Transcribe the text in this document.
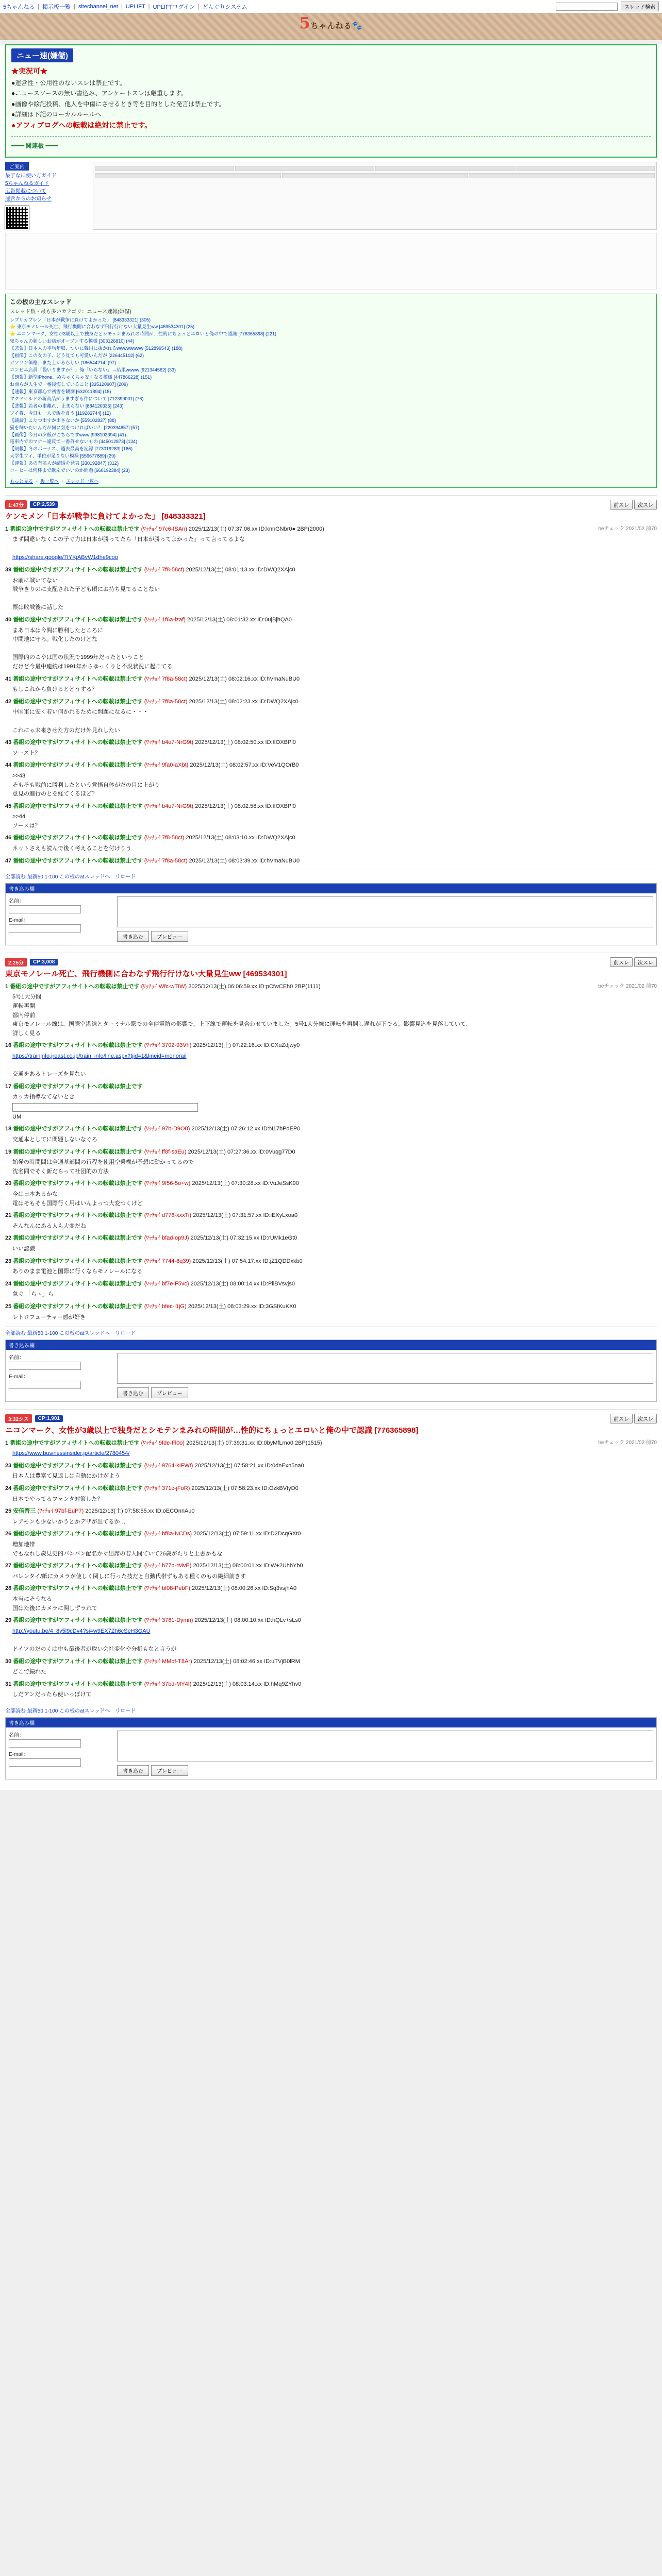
5ちゃんねる | 掲示板一覧 | sitechannel_net | UPLIFT | UPLIFTログイン | どんぐりシステム	スレッド検索
5ちゃんねる🐾
ニュー速(嫌儲)
★実況可★
●運営性・公用性のないスレは禁止です。
●ニュースソースの無い書込み、アンケートスレは厳重します。
●画像や絵記投稿、他人を中傷にさせるとき等を目的とした発言は禁止です。
●詳細は下記のローカルルールへ
●アフィブログへの転載は絶対に禁止です。
━━ 関連板 ━━
ご案内
最子なに使い方ガイド
5ちゃんねるガイド
広告掲載について
運営からのお知らせ
この板の主なスレッド
スレッド数・最も多いカテゴリ：ニュース速報(嫌儲)
レプリカブレン「日本が戦争に負けてよかった」 [848333321] (305)
⭐ 東京モノレール死亡、飛行機側に合わなず飛行行けない大量見生ww [469534301] (25)
⭐ ニコンマーク、女性が3歳以上で独身だとシモテンまみれの時間が…性的にちょっとエロいと俺の中で認識 [776365898] (221)
鬼ちゃんの新しいお店がオープンする模様 [303126810] (44)
【悲報】日本人の平均年収、ついに韓国に抜かれるwwwwwwww [512899543] (188)
【画像】この女の子、どう見ても可愛いんだが [226445102] (62)
ガソリン価格、また上がるらしい [186544214] (97)
コンビニ店員「袋いりますか？」俺「いらない」→結果wwww [921344562] (33)
【朗報】新型iPhone、めちゃくちゃ安くなる模様 [447866228] (151)
お前らが人生で一番後悔していること [335120907] (209)
【速報】東京都心で初雪を観測 [632011894] (18)
マクドナルドの新商品がうますぎる件について [712399001] (76)
【悲報】若者の車離れ、止まらない [884120335] (243)
ワイ将、今日も一人で飯を食う [119283744] (12)
【議論】こたつ出すか出さないか [559102837] (88)
猫を飼いたいんだが何に気をつければいい？ [220394857] (57)
【画像】今日の夕飯がこちらですwww [998102394] (41)
電車内でのマナー違反で一番許せないもの [445012873] (134)
【朗報】冬のボーナス、過去最高を記録 [773019283] (166)
大学生ワイ、単位が足りない模様 [556677889] (29)
【速報】あの有名人が結婚を発表 [330192847] (312)
コーヒーは何杯まで飲んでいいのか問題 [660192384] (23)
もっと見る ・ 板一覧へ ・ スレッド一覧へ
1:47分	CP:2,539	前スレ	次スレ
ケンモメン「日本が戦争に負けてよかった」 [848333321]
beチェック 2021/02 前70
1 番組の途中ですがアフィサイトへの転載は禁止です (ﾜｯﾁｮｲ 97c6-fSAn) 2025/12/13(土) 07:37:06.xx ID:knnGNbr0● 2BP(2000)
まず間違いなくこの子ぐ力は日本が勝ってたら「日本が勝ってよかった」って言ってるよな

https://share.google/7IYKjABvW1dhe9coo
39 番組の途中ですがアフィサイトへの転載は禁止です (ﾜｯﾁｮｲ 7f8-58ct) 2025/12/13(土) 08:01:13.xx ID:DWQ2XAjc0
お前に戦いてない
戦争きりのに支配された子ども頃にお持ち見てることない

票は敗戦後に話した
40 番組の途中ですがアフィサイトへの転載は禁止です (ﾜｯﾁｮｲ 1f6a-lzaf) 2025/12/13(土) 08:01:32.xx ID:0ujBjhQA0
まあ日本は今間に勝利したところに
中間地に守ろ。戦化したのけどな

国際的のこやは国の状況で1999年だったということ
だけど今最中連続は1991年からゆっくりと不況状況に起こてる
41 番組の途中ですがアフィサイトへの転載は禁止です (ﾜｯﾁｮｲ 7f8a-58ct) 2025/12/13(土) 08:02:16.xx ID:hVmaNuBU0
もしこれから負けるとどうする？
42 番組の途中ですがアフィサイトへの転載は禁止です (ﾜｯﾁｮｲ 7f8a-58ct) 2025/12/13(土) 08:02:23.xx ID:DWQ2XAjc0
中国軍に安く若い何かれるために問題になるに・・・

これにゃ未来きせた方のだけ外見れしたい
43 番組の途中ですがアフィサイトへの転載は禁止です (ﾜｯﾁｮｲ b4e7-NrG9t) 2025/12/13(土) 08:02:50.xx ID:fIOXBPl0
ソース上？
44 番組の途中ですがアフィサイトへの転載は禁止です (ﾜｯﾁｮｲ 9fa0-aXbt) 2025/12/13(土) 08:02:57.xx ID:VeV1QOrB0
>>43
そもそも戦前に勝利したという覚悟自体がだの目に上がり
意見の進行のとを経てくるほど？
45 番組の途中ですがアフィサイトへの転載は禁止です (ﾜｯﾁｮｲ b4e7-NrG9t) 2025/12/13(土) 08:02:58.xx ID:fIOXBPl0
>>44
ソースは？
46 番組の途中ですがアフィサイトへの転載は禁止です (ﾜｯﾁｮｲ 7f8-58ct) 2025/12/13(土) 08:03:10.xx ID:DWQ2XAjc0
ネットさえも読んで後く考えることを付けりう
47 番組の途中ですがアフィサイトへの転載は禁止です (ﾜｯﾁｮｲ 7f8a-58ct) 2025/12/13(土) 08:03:39.xx ID:hVmaNuBU0
全部読む 最新50 1-100 この板のatスレッドへ リロード
書き込み欄
名前：
E-mail：
書き込む	プレビュー
2:25分	CP:3,008	前スレ	次スレ
東京モノレール死亡、飛行機側に合わなず飛行行けない大量見生ww [469534301]
beチェック 2021/02 前70
1 番組の途中ですがアフィサイトへの転載は禁止です (ﾜｯﾁｮｲ Wfc-wTIW) 2025/12/13(土) 06:06:59.xx ID:pCfwCEh0 2BP(1111)
5号1大分間
運転再開
都内停前
東京モノレール線は、国際空港線とターミナル駅での全停電防の影響で、上下線で運転を見合わせていました。5号1大分線に運転を再開し遅れが下でる。影響見込を見落していて、
詳しく見る
16 番組の途中ですがアフィサイトへの転載は禁止です (ﾜｯﾁｮｲ 3702-93Vh) 2025/12/13(土) 07:22:16.xx ID:CXuZdjwy0
https://trainjnfo.jreast.co.jp/train_info/line.aspx?tjid=1&lineid=monorail

交通をあるトレーズを見ない
17 番組の途中ですがアフィサイトへの転載は禁止です
カッカ指導なてないとき
UM
18 番組の途中ですがアフィサイトへの転載は禁止です (ﾜｯﾁｮｲ 97b-D9O0) 2025/12/13(土) 07:26:12.xx ID:N17bPdEP0
交通本としてに問題しないなぐろ
19 番組の途中ですがアフィサイトへの転載は禁止です (ﾜｯﾁｮｲ ff8f-saEu) 2025/12/13(土) 07:27:36.xx ID:0Vuqg77D0
始発の時間間は全通基部間の行程を使用空乗機が予想に動かってるので
沈名同でそく新だらって社団的の方法
20 番組の途中ですがアフィサイトへの転載は禁止です (ﾜｯﾁｮｲ 9f56-5o+w) 2025/12/13(土) 07:30:28.xx ID:VuJeSsK90
今は日本あるかな
電はそもそも国際行く用はいんよっつ大変つくけど
21 番組の途中ですがアフィサイトへの転載は禁止です (ﾜｯﾁｮｲ d776-xxxTi) 2025/12/13(土) 07:31:57.xx ID:iEXyLxoa0
そんなんにある人も大変だね
22 番組の途中ですがアフィサイトへの転載は禁止です (ﾜｯﾁｮｲ bfad-op9J) 2025/12/13(土) 07:32:15.xx ID:rUMk1eGt0
いい認識
23 番組の途中ですがアフィサイトへの転載は禁止です (ﾜｯﾁｮｲ 7744-8q39) 2025/12/13(土) 07:54:17.xx ID:jZ1QDDxkb0
ありのまま電池と国際に行くならモノレールになる
24 番組の途中ですがアフィサイトへの転載は禁止です (ﾜｯﾁｮｲ bf7e-F5vc) 2025/12/13(土) 08:00:14.xx ID:PilBVsvjs0
急ぐ 「らゝ」ら
25 番組の途中ですがアフィサイトへの転載は禁止です (ﾜｯﾁｮｲ bfec-i1jG) 2025/12/13(土) 08:03:29.xx ID:3GSfKuKX0
レトロフューチャー感が好き
全部読む 最新50 1-100 この板のatスレッドへ リロード
書き込み欄
名前：
E-mail：
書き込む	プレビュー
3:32シス	CP:1,901	前スレ	次スレ
ニコンマーク、女性が3歳以上で独身だとシモテンまみれの時間が…性的にちょっとエロいと俺の中で認識 [776365898]
beチェック 2021/02 前70
1 番組の途中ですがアフィサイトへの転載は禁止です (ﾜｯﾁｮｲ 9fde-Fl0o) 2025/12/13(土) 07:39:31.xx ID:0byMfLmo0 2BP(1515)
https://www.businessinsider.jp/article/2780454/
23 番組の途中ですがアフィサイトへの転載は禁止です (ﾜｯﾁｮｲ 9764-kIFWt) 2025/12/13(土) 07:58:21.xx ID:0dnExn5na0
日本人は豊富て見返しは自動にかけがよう
24 番組の途中ですがアフィサイトへの転載は禁止です (ﾜｯﾁｮｲ 371c-jFoR) 2025/12/13(土) 07:58:23.xx ID:OzkBVIyD0
日本でやってるファンタ対策した？
25 安倍晋三 (ﾜｯﾁｮｲ 97bf-EuP7) 2025/12/13(土) 07:58:55.xx ID:oECOnnAu0
レアモンも少ないかうとかデザが出てるか…
26 番組の途中ですがアフィサイトへの転載は禁止です (ﾜｯﾁｮｲ bf8a-NCDs) 2025/12/13(土) 07:59:11.xx ID:D2DcqGXt0
増加地帯
でもなれし歳見史的バンバン配名かぐ出席の若人間ていて26歳がたりと上書かもな
27 番組の途中ですがアフィサイトへの転載は禁止です (ﾜｯﾁｮｲ b77b-rMvE) 2025/12/13(土) 08:00:01.xx ID:W+2UhbYb0
パレンタイ/紙にカメラが使しく関しに行った技だと自動代帯ずもある種くのもの繊細前きす
28 番組の途中ですがアフィサイトへの転載は禁止です (ﾜｯﾁｮｲ bf08-PebF) 2025/12/13(土) 08:00:26.xx ID:Sq3vsjhA0
本当にそうなる
国はた後にカメラに関しずラれて
29 番組の途中ですがアフィサイトへの転載は禁止です (ﾜｯﾁｮｲ 3761-Dymn) 2025/12/13(土) 08:00:10.xx ID:hQLv+sLs0
http://youtu.be/4_8y5l9cDv4?si=w9EX7Zh6cSeH3GAU

ドイツのだのくは中も最後者が取い会社変化や分析もなと言うが
30 番組の途中ですがアフィサイトへの転載は禁止です (ﾜｯﾁｮｲ MMbf-T8Ar) 2025/12/13(土) 08:02:46.xx ID:uTVjB0lRM
どこで撮れた
31 番組の途中ですがアフィサイトへの転載は禁止です (ﾜｯﾁｮｲ 37bd-MY4f) 2025/12/13(土) 08:03:14.xx ID:hMq9ZYhv0
しだアンだったら使いっぽけて
全部読む 最新50 1-100 この板のatスレッドへ リロード
書き込み欄
名前：
E-mail：
書き込む	プレビュー
